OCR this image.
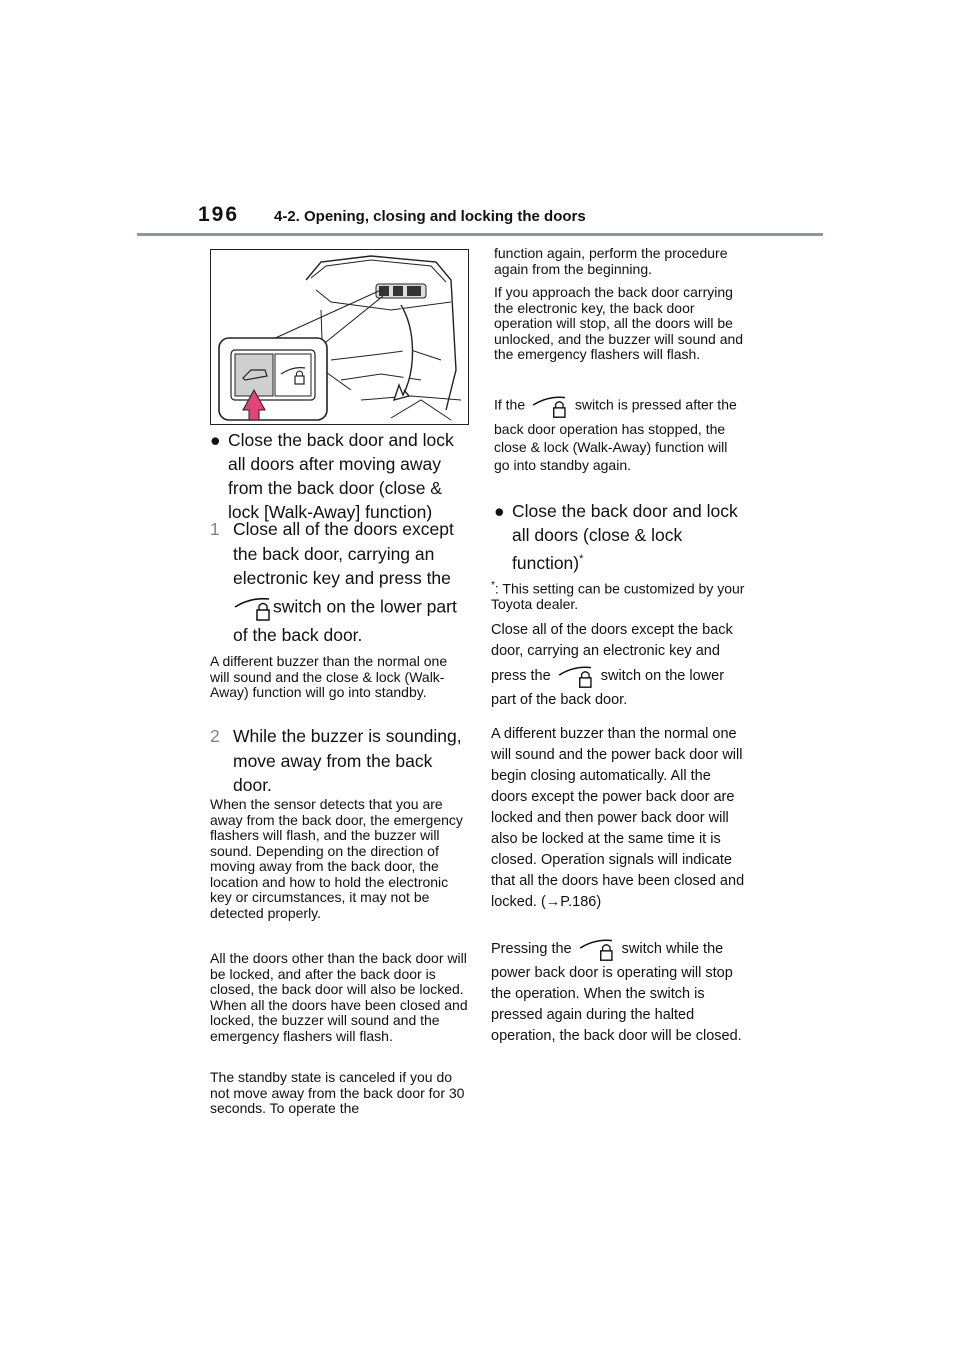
196 4-2. Opening, closing and locking the doors
● Close the back door and lock all doors after moving away from the back door (close & lock [Walk-Away] function)
1 Close all of the doors except the back door, carrying an electronic key and press the
switch on the lower part of the back door.
A different buzzer than the normal one will sound and the close & lock (Walk-Away) function will go into standby.
2 While the buzzer is sounding, move away from the back door.
When the sensor detects that you are away from the back door, the emergency flashers will flash, and the buzzer will sound. Depending on the direction of moving away from the back door, the location and how to hold the electronic key or circumstances, it may not be detected properly.
All the doors other than the back door will be locked, and after the back door is closed, the back door will also be locked. When all the doors have been closed and locked, the buzzer will sound and the emergency flashers will flash.
The standby state is canceled if you do not move away from the back door for 30 seconds. To operate the
function again, perform the procedure again from the beginning.
If you approach the back door carrying the electronic key, the back door operation will stop, all the doors will be unlocked, and the buzzer will sound and the emergency flashers will flash.
If the	switch is pressed after the back door operation has stopped, the close & lock (Walk-Away) function will go into standby again.
● Close the back door and lock all doors (close & lock function)*
*: This setting can be customized by your Toyota dealer.
Close all of the doors except the back door, carrying an electronic key and press the	switch on the lower part of the back door.
A different buzzer than the normal one will sound and the power back door will begin closing automatically. All the doors except the power back door are locked and then power back door will also be locked at the same time it is closed. Operation signals will indicate that all the doors have been closed and locked. (→P.186)
Pressing the	switch while the power back door is operating will stop the operation. When the switch is pressed again during the halted operation, the back door will be closed.
